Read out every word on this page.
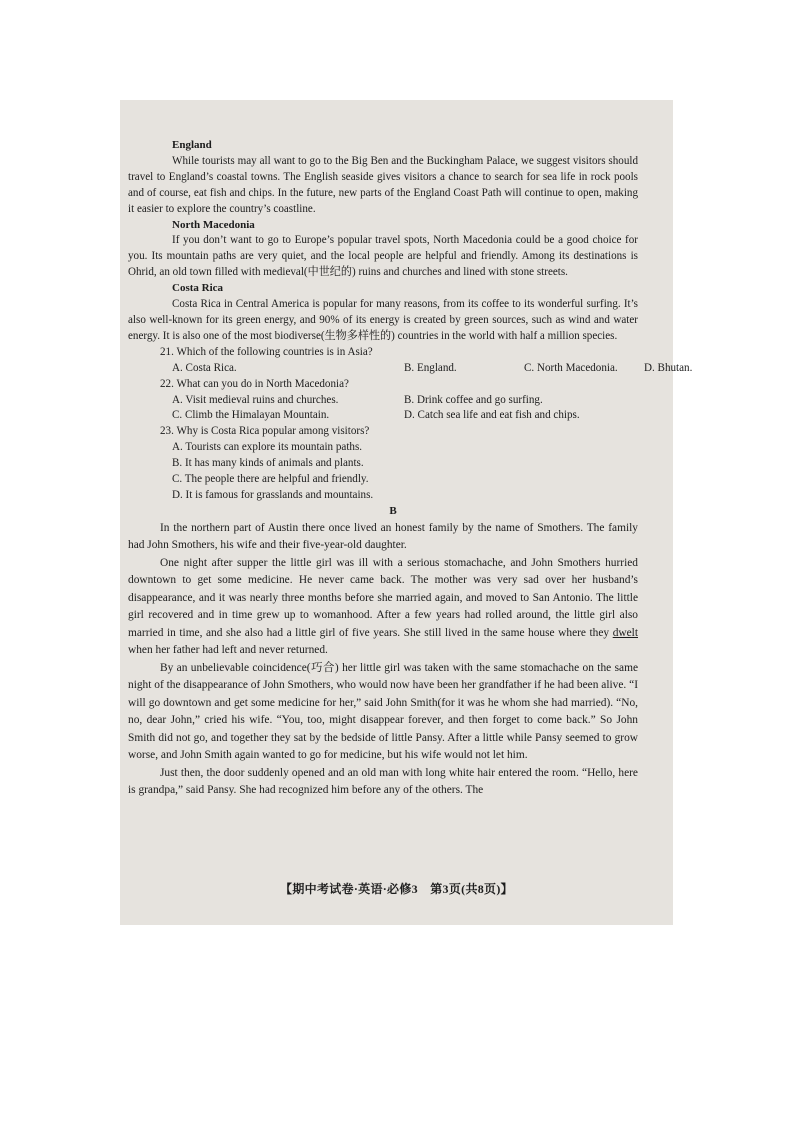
England

While tourists may all want to go to the Big Ben and the Buckingham Palace, we suggest visitors should travel to England’s coastal towns. The English seaside gives visitors a chance to search for sea life in rock pools and of course, eat fish and chips. In the future, new parts of the England Coast Path will continue to open, making it easier to explore the country’s coastline.

North Macedonia

If you don’t want to go to Europe’s popular travel spots, North Macedonia could be a good choice for you. Its mountain paths are very quiet, and the local people are helpful and friendly. Among its destinations is Ohrid, an old town filled with medieval(中世纪的) ruins and churches and lined with stone streets.

Costa Rica

Costa Rica in Central America is popular for many reasons, from its coffee to its wonderful surfing. It’s also well-known for its green energy, and 90% of its energy is created by green sources, such as wind and water energy. It is also one of the most biodiverse(生物多样性的) countries in the world with half a million species.

21. Which of the following countries is in Asia?

A. Costa Rica.	B. England.	C. North Macedonia.	D. Bhutan.

22. What can you do in North Macedonia?

A. Visit medieval ruins and churches.	B. Drink coffee and go surfing.
C. Climb the Himalayan Mountain.	D. Catch sea life and eat fish and chips.

23. Why is Costa Rica popular among visitors?

A. Tourists can explore its mountain paths.

B. It has many kinds of animals and plants.

C. The people there are helpful and friendly.

D. It is famous for grasslands and mountains.

B

In the northern part of Austin there once lived an honest family by the name of Smothers. The family had John Smothers, his wife and their five-year-old daughter.

One night after supper the little girl was ill with a serious stomachache, and John Smothers hurried downtown to get some medicine. He never came back. The mother was very sad over her husband’s disappearance, and it was nearly three months before she married again, and moved to San Antonio. The little girl recovered and in time grew up to womanhood. After a few years had rolled around, the little girl also married in time, and she also had a little girl of five years. She still lived in the same house where they dwelt when her father had left and never returned.

By an unbelievable coincidence(巧合) her little girl was taken with the same stomachache on the same night of the disappearance of John Smothers, who would now have been her grandfather if he had been alive. “I will go downtown and get some medicine for her,” said John Smith(for it was he whom she had married). “No, no, dear John,” cried his wife. “You, too, might disappear forever, and then forget to come back.” So John Smith did not go, and together they sat by the bedside of little Pansy. After a little while Pansy seemed to grow worse, and John Smith again wanted to go for medicine, but his wife would not let him.

Just then, the door suddenly opened and an old man with long white hair entered the room. “Hello, here is grandpa,” said Pansy. She had recognized him before any of the others. The

【期中考试卷·英语·必修3　第3页(共8页)】
